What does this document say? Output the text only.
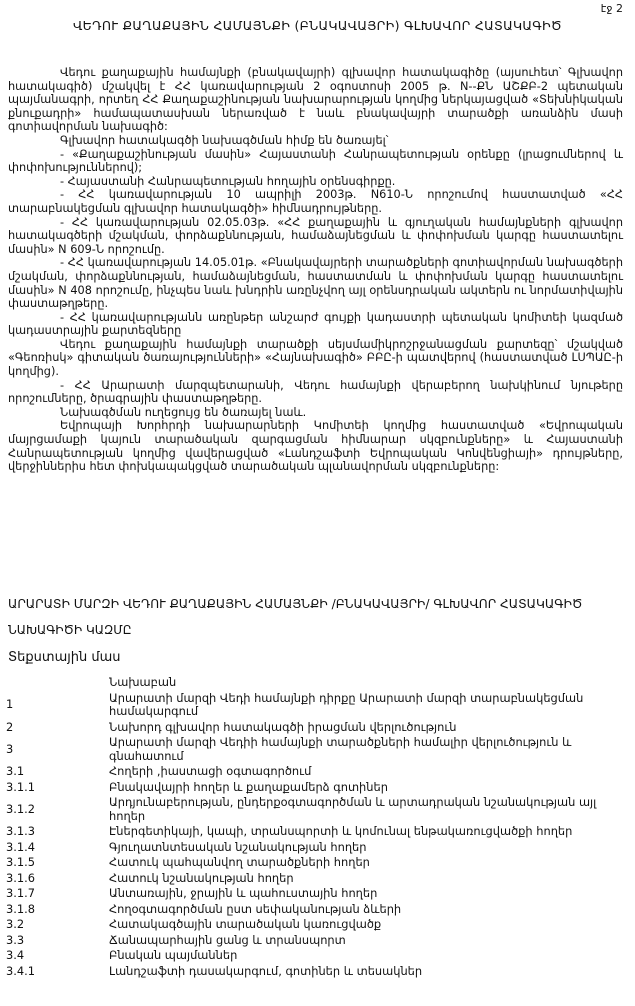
էջ 2
ՎԵԴՈՒ ՔԱՂԱՔԱՅԻՆ ՀԱՄԱՅՆՔԻ (ԲՆԱԿԱՎԱՅՐԻ) ԳԼԽԱՎՈՐ ՀԱՏԱԿԱԳԻԾ

Վեդու քաղաքային համայնքի (բնակավայրի) գլխավոր հատակագիծը (այսուհետ՝ Գլխավոր հատակագիծ) մշակվել է ՀՀ կառավարության 2 օգոստոսի 2005 թ. N--ՔՆ ԱՇՔԲ-2 պետական պայմանագրի, որտեղ ՀՀ Քաղաքաշինության նախարարության կողմից ներկայացված «Տեխնիկական քնուքադրի» համապատասխան ներառված է նաև բնակավայրի տարածքի առանձին մասի գոտիավորման նախագիծ:

Գլխավոր հատակագծի նախագծման հիմք են ծառայել՝

- «Քաղաքաշինության մասին» Հայաստանի Հանրապետության օրենքը (լրացումներով և փոփոխություններով);

- Հայաստանի Հանրապետության հողային օրենսգիրքը.

- ՀՀ կառավարության 10 ապրիլի 2003թ. N610-Ն որոշումով հաստատված «ՀՀ տարաբնակեցման գլխավոր հատակագծի» հիմնադրույթները.

- ՀՀ կառավարության 02.05.03թ. «ՀՀ քաղաքային և գյուղական համայնքների գլխավոր հատակագծերի մշակման, փորձաքննության, համաձայնեցման և փոփոխման կարգը հաստատելու մասին» N 609-Ն որոշումը.

- ՀՀ կառավարության 14.05.01թ. «Բնակավայրերի տարածքների գոտիավորման նախագծերի մշակման, փորձաքննության, համաձայնեցման, հաստատման և փոփոխման կարգը հաստատելու մասին» N 408 որոշումը, ինչպես նաև խնդրին առընչվող այլ օրենսդրական ակտերն ու նորմատիվային փաստաթղթերը.

- ՀՀ կառավարությանն առընթեր անշարժ գույքի կադաստրի պետական կոմիտեի կազմած կադաստրային քարտեզները

Վեդու քաղաքային համայնքի տարածքի սեյսմամիկրոշրջանացման քարտեզը՝ մշակված «Գեոռիսկ» գիտական ծառայությունների» «Հայնախագիծ» ԲԲԸ-ի պատվերով (հաստատված ԼՍՊԱԸ-ի կողմից).

- ՀՀ Արարատի մարզպետարանի, Վեդու համայնքի վերաբերող նախկինում նյութերը որոշումները, ծրագրային փաստաթղթերը.

Նախագծման ուղեցույց են ծառայել նաև.

Եվրոպայի Խորհրդի նախարարների Կոմիտեի կողմից հաստատված «Եվրոպական մայրցամաքի կայուն տարածական զարգացման հիմնարար սկզբունքները» և Հայաստանի Հանրապետության կողմից վավերացված «Լանդշաֆտի Եվրոպական Կոնվենցիայի» դրույթները, վերջիններիս հետ փոխկապակցված տարածական պլանավորման սկզբունքները:

ԱՐԱՐԱՏԻ ՄԱՐԶԻ ՎԵԴՈՒ ՔԱՂԱՔԱՅԻՆ ՀԱՄԱՅՆՔԻ /ԲՆԱԿԱՎԱՅՐԻ/ ԳԼԽԱՎՈՐ ՀԱՏԱԿԱԳԻԾ
ՆԱԽԱԳԻԾԻ ԿԱԶՄԸ
Տեքստային մաս
Նախաբան
1	Արարատի մարզի Վեդի համայնքի դիրքը Արարատի մարզի տարաբնակեցման համակարգում
2	Նախորդ գլխավոր հատակագծի իրացման վերլուծություն
3	Արարատի մարզի Վեդիի համայնքի տարածքների համալիր վերլուծություն և գնահատում
3.1	Հողերի ,իաստացի օգտագործում
3.1.1	Բնակավայրի հողեր և քաղաքամերձ գոտիներ
3.1.2	Արդյունաբերության, ընդերքօգտագործման և արտադրական նշանակության այլ հողեր
3.1.3	Էներգետիկայի, կապի, տրանսպորտի և կոմունալ ենթակառուցվածքի հողեր
3.1.4	Գյուղատնտեսական նշանակության հողեր
3.1.5	Հատուկ պահպանվող տարածքների հողեր
3.1.6	Հատուկ նշանակության հողեր
3.1.7	Անտառային, ջրային և պահուստային հողեր
3.1.8	Հողօգտագործման ըստ սեփականության ձևերի
3.2	Հատակագծային տարածական կառուցվածք
3.3	Ճանապարհային ցանց և տրանսպորտ
3.4	Բնական պայմաններ
3.4.1	Լանդշաֆտի դասակարգում, գոտիներ և տեսակներ
